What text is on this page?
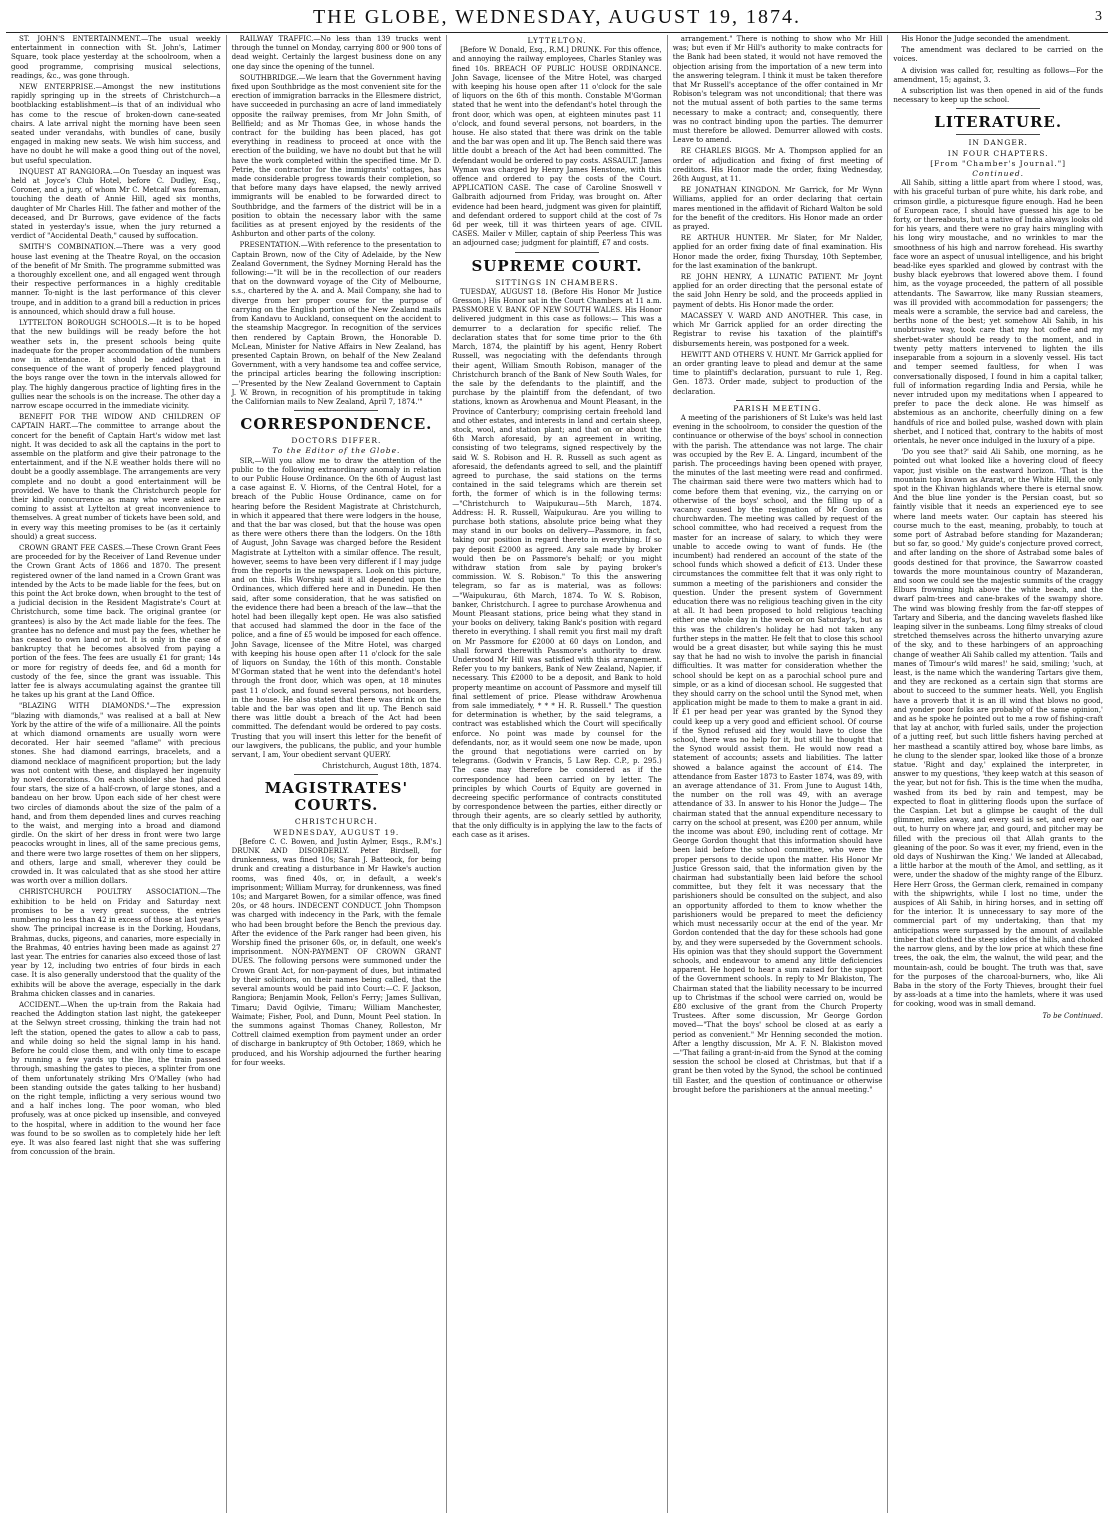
THE GLOBE, WEDNESDAY, AUGUST 19, 1874.	3

ST. JOHN'S ENTERTAINMENT.—The usual weekly entertainment in connection with St. John's, Latimer Square, took place yesterday at the schoolroom, when a good programme, comprising musical selections, readings, &c., was gone through.

NEW ENTERPRISE.—Amongst the new institutions rapidly springing up in the streets of Christchurch—a bootblacking establishment—is that of an individual who has come to the rescue of broken-down cane-seated chairs. A late arrival night the morning have been seen seated under verandahs, with bundles of cane, busily engaged in making new seats. We wish him success, and have no doubt he will make a good thing out of the novel, but useful speculation.

INQUEST AT RANGIORA.—On Tuesday an inquest was held at Joyce's Club Hotel, before C. Dudley, Esq., Coroner, and a jury, of whom Mr C. Metcalf was foreman, touching the death of Annie Hill, aged six months, daughter of Mr Charles Hill. The father and mother of the deceased, and Dr Burrows, gave evidence of the facts stated in yesterday's issue, when the jury returned a verdict of "Accidental Death," caused by suffocation.

SMITH'S COMBINATION.—There was a very good house last evening at the Theatre Royal, on the occasion of the benefit of Mr Smith. The programme submitted was a thoroughly excellent one, and all engaged went through their respective performances in a highly creditable manner. To-night is the last performance of this clever troupe, and in addition to a grand bill a reduction in prices is announced, which should draw a full house.

LYTTELTON BOROUGH SCHOOLS.—It is to be hoped that the new buildings will be ready before the hot weather sets in, the present schools being quite inadequate for the proper accommodation of the numbers now in attendance. It should be added that in consequence of the want of properly fenced playground the boys range over the town in the intervals allowed for play. The highly dangerous practice of lighting fires in the gullies near the schools is on the increase. The other day a narrow escape occurred in the immediate vicinity.

BENEFIT FOR THE WIDOW AND CHILDREN OF CAPTAIN HART.—The committee to arrange about the concert for the benefit of Captain Hart's widow met last night. It was decided to ask all the captains in the port to assemble on the platform and give their patronage to the entertainment, and if the N.E weather holds there will no doubt be a goodly assemblage. The arrangements are very complete and no doubt a good entertainment will be provided. We have to thank the Christchurch people for their kindly concurrence as many who were asked are coming to assist at Lyttelton at great inconvenience to themselves. A great number of tickets have been sold, and in every way this meeting promises to be (as it certainly should) a great success.

CROWN GRANT FEE CASES.—These Crown Grant Fees are proceeded for by the Receiver of Land Revenue under the Crown Grant Acts of 1866 and 1870. The present registered owner of the land named in a Crown Grant was intended by the Acts to be made liable for the fees, but on this point the Act broke down, when brought to the test of a judicial decision in the Resident Magistrate's Court at Christchurch, some time back. The original grantee (or grantees) is also by the Act made liable for the fees. The grantee has no defence and must pay the fees, whether he has ceased to own land or not. It is only in the case of bankruptcy that he becomes absolved from paying a portion of the fees. The fees are usually £1 for grant; 14s or more for registry of deeds fee, and 6d a month for custody of the fee, since the grant was issuable. This latter fee is always accumulating against the grantee till he takes up his grant at the Land Office.

"BLAZING WITH DIAMONDS."—The expression "blazing with diamonds," was realised at a ball at New York by the attire of the wife of a millionaire. All the points at which diamond ornaments are usually worn were decorated. Her hair seemed "aflame" with precious stones. She had diamond earrings, bracelets, and a diamond necklace of magnificent proportion; but the lady was not content with these, and displayed her ingenuity by novel decorations. On each shoulder she had placed four stars, the size of a half-crown, of large stones, and a bandeau on her brow. Upon each side of her chest were two circles of diamonds about the size of the palm of a hand, and from them depended lines and curves reaching to the waist, and merging into a broad and diamond girdle. On the skirt of her dress in front were two large peacocks wrought in lines, all of the same precious gems, and there were two large rosettes of them on her slippers, and others, large and small, wherever they could be crowded in. It was calculated that as she stood her attire was worth over a million dollars.

CHRISTCHURCH POULTRY ASSOCIATION.—The exhibition to be held on Friday and Saturday next promises to be a very great success, the entries numbering no less than 42 in excess of those at last year's show. The principal increase is in the Dorking, Houdans, Brahmas, ducks, pigeons, and canaries, more especially in the Brahmas, 40 entries having been made as against 27 last year. The entries for canaries also exceed those of last year by 12, including two entries of four birds in each case. It is also generally understood that the quality of the exhibits will be above the average, especially in the dark Brahma chicken classes and in canaries.

ACCIDENT.—When the up-train from the Rakaia had reached the Addington station last night, the gatekeeper at the Selwyn street crossing, thinking the train had not left the station, opened the gates to allow a cab to pass, and while doing so held the signal lamp in his hand. Before he could close them, and with only time to escape by running a few yards up the line, the train passed through, smashing the gates to pieces, a splinter from one of them unfortunately striking Mrs O'Malley (who had been standing outside the gates talking to her husband) on the right temple, inflicting a very serious wound two and a half inches long. The poor woman, who bled profusely, was at once picked up insensible, and conveyed to the hospital, where in addition to the wound her face was found to be so swollen as to completely hide her left eye. It was also feared last night that she was suffering from concussion of the brain.

RAILWAY TRAFFIC.—No less than 139 trucks went through the tunnel on Monday, carrying 800 or 900 tons of dead weight. Certainly the largest business done on any one day since the opening of the tunnel.

SOUTHBRIDGE.—We learn that the Government having fixed upon Southbridge as the most convenient site for the erection of immigration barracks in the Ellesmere district, have succeeded in purchasing an acre of land immediately opposite the railway premises, from Mr John Smith, of Bellfield; and as Mr Thomas Gee, in whose hands the contract for the building has been placed, has got everything in readiness to proceed at once with the erection of the building, we have no doubt but that he will have the work completed within the specified time. Mr D. Petrie, the contractor for the immigrants' cottages, has made considerable progress towards their completion, so that before many days have elapsed, the newly arrived immigrants will be enabled to be forwarded direct to Southbridge, and the farmers of the district will be in a position to obtain the necessary labor with the same facilities as at present enjoyed by the residents of the Ashburton and other parts of the colony.

PRESENTATION.—With reference to the presentation to Captain Brown, now of the City of Adelaide, by the New Zealand Government, the Sydney Morning Herald has the following:—"It will be in the recollection of our readers that on the downward voyage of the City of Melbourne, s.s., chartered by the A. and A. Mail Company, she had to diverge from her proper course for the purpose of carrying on the English portion of the New Zealand mails from Kandavu to Auckland, consequent on the accident to the steamship Macgregor. In recognition of the services then rendered by Captain Brown, the Honorable D. McLean, Minister for Native Affairs in New Zealand, has presented Captain Brown, on behalf of the New Zealand Government, with a very handsome tea and coffee service, the principal articles bearing the following inscription:—'Presented by the New Zealand Government to Captain J. W. Brown, in recognition of his promptitude in taking the Californian mails to New Zealand, April 7, 1874.'"

CORRESPONDENCE.
DOCTORS DIFFER.
To the Editor of the Globe.

SIR,—Will you allow me to draw the attention of the public to the following extraordinary anomaly in relation to our Public House Ordinance. On the 6th of August last a case against E. V. Hiorns, of the Central Hotel, for a breach of the Public House Ordinance, came on for hearing before the Resident Magistrate at Christchurch, in which it appeared that there were lodgers in the house, and that the bar was closed, but that the house was open as there were others there than the lodgers. On the 18th of August, John Savage was charged before the Resident Magistrate at Lyttelton with a similar offence. The result, however, seems to have been very different if I may judge from the reports in the newspapers. Look on this picture, and on this. His Worship said it all depended upon the Ordinances, which differed here and in Dunedin. He then said, after some consideration, that he was satisfied on the evidence there had been a breach of the law—that the hotel had been illegally kept open. He was also satisfied that accused had slammed the door in the face of the police, and a fine of £5 would be imposed for each offence. John Savage, licensee of the Mitre Hotel, was charged with keeping his house open after 11 o'clock for the sale of liquors on Sunday, the 16th of this month. Constable M'Gorman stated that he went into the defendant's hotel through the front door, which was open, at 18 minutes past 11 o'clock, and found several persons, not boarders, in the house. He also stated that there was drink on the table and the bar was open and lit up. The Bench said there was little doubt a breach of the Act had been committed. The defendant would be ordered to pay costs. Trusting that you will insert this letter for the benefit of our lawgivers, the publicans, the public, and your humble servant, I am, Your obedient servant QUERY.

Christchurch, August 18th, 1874.
MAGISTRATES' COURTS.
CHRISTCHURCH.
WEDNESDAY, AUGUST 19.

[Before C. C. Bowen, and Justin Aylmer, Esqs., R.M's.] DRUNK AND DISORDERLY. Peter Birdsell, for drunkenness, was fined 10s; Sarah J. Batteock, for being drunk and creating a disturbance in Mr Hawke's auction rooms, was fined 40s, or, in default, a week's imprisonment; William Murray, for drunkenness, was fined 10s; and Margaret Bowen, for a similar offence, was fined 20s, or 48 hours. INDECENT CONDUCT. John Thompson was charged with indecency in the Park, with the female who had been brought before the Bench the previous day. After the evidence of the Park ranger had been given, his Worship fined the prisoner 60s, or, in default, one week's imprisonment. NON-PAYMENT OF CROWN GRANT DUES. The following persons were summoned under the Crown Grant Act, for non-payment of dues, but intimated by their solicitors, on their names being called, that the several amounts would be paid into Court:—C. F. Jackson, Rangiora; Benjamin Mook, Fellon's Ferry; James Sullivan, Timaru; David Ogilvie, Timaru; William Manchester, Waimate; Fisher, Pool, and Dunn, Mount Peel station. In the summons against Thomas Chaney, Rolleston, Mr Cottrell claimed exemption from payment under an order of discharge in bankruptcy of 9th October, 1869, which he produced, and his Worship adjourned the further hearing for four weeks.

LYTTELTON.

[Before W. Donald, Esq., R.M.] DRUNK. For this offence, and annoying the railway employees, Charles Stanley was fined 10s. BREACH OF PUBLIC HOUSE ORDINANCE. John Savage, licensee of the Mitre Hotel, was charged with keeping his house open after 11 o'clock for the sale of liquors on the 6th of this month. Constable M'Gorman stated that he went into the defendant's hotel through the front door, which was open, at eighteen minutes past 11 o'clock, and found several persons, not boarders, in the house. He also stated that there was drink on the table and the bar was open and lit up. The Bench said there was little doubt a breach of the Act had been committed. The defendant would be ordered to pay costs. ASSAULT. James Wyman was charged by Henry James Henstone, with this offence and ordered to pay the costs of the Court. APPLICATION CASE. The case of Caroline Snoswell v Galbraith adjourned from Friday, was brought on. After evidence had been heard, judgment was given for plaintiff, and defendant ordered to support child at the cost of 7s 6d per week, till it was thirteen years of age. CIVIL CASES. Mailer v Miller, captain of ship Peerless This was an adjourned case; judgment for plaintiff, £7 and costs.

SUPREME COURT.
SITTINGS IN CHAMBERS.

TUESDAY, AUGUST 18. (Before His Honor Mr Justice Gresson.) His Honor sat in the Court Chambers at 11 a.m. PASSMORE V. BANK OF NEW SOUTH WALES. His Honor delivered judgment in this case as follows:— This was a demurrer to a declaration for specific relief. The declaration states that for some time prior to the 6th March, 1874, the plaintiff by his agent, Henry Robert Russell, was negociating with the defendants through their agent, William Smouth Robison, manager of the Christchurch branch of the Bank of New South Wales, for the sale by the defendants to the plaintiff, and the purchase by the plaintiff from the defendant, of two stations, known as Arowhenua and Mount Pleasant, in the Province of Canterbury; comprising certain freehold land and other estates, and interests in land and certain sheep, stock, wool, and station plant; and that on or about the 6th March aforesaid, by an agreement in writing, consisting of two telegrams, signed respectively by the said W. S. Robison and H. R. Russell as such agent as aforesaid, the defendants agreed to sell, and the plaintiff agreed to purchase, the said stations on the terms contained in the said telegrams which are therein set forth, the former of which is in the following terms:—"Christchurch to Waipukurau—5th March, 1874. Address: H. R. Russell, Waipukurau. Are you willing to purchase both stations, absolute price being what they may stand in our books on delivery—Passmore, in fact, taking our position in regard thereto in everything. If so pay deposit £2000 as agreed. Any sale made by broker would then be on Passmore's behalf; or you might withdraw station from sale by paying broker's commission. W. S. Robison." To this the answering telegram, so far as is material, was as follows:—"Waipukurau, 6th March, 1874. To W. S. Robison, banker, Christchurch. I agree to purchase Arowhenua and Mount Pleasant stations, price being what they stand in your books on delivery, taking Bank's position with regard thereto in everything. I shall remit you first mail my draft on Mr Passmore for £2000 at 60 days on London, and shall forward therewith Passmore's authority to draw. Understood Mr Hill was satisfied with this arrangement. Refer you to my bankers, Bank of New Zealand, Napier, if necessary. This £2000 to be a deposit, and Bank to hold property meantime on account of Passmore and myself till final settlement of price. Please withdraw Arowhenua from sale immediately, * * * H. R. Russell." The question for determination is whether, by the said telegrams, a contract was established which the Court will specifically enforce. No point was made by counsel for the defendants, nor, as it would seem one now be made, upon the ground that negotiations were carried on by telegrams. (Godwin v Francis, 5 Law Rep. C.P., p. 295.) The case may therefore be considered as if the correspondence had been carried on by letter. The principles by which Courts of Equity are governed in decreeing specific performance of contracts constituted by correspondence between the parties, either directly or through their agents, are so clearly settled by authority, that the only difficulty is in applying the law to the facts of each case as it arises.

arrangement." There is nothing to show who Mr Hill was; but even if Mr Hill's authority to make contracts for the Bank had been stated, it would not have removed the objection arising from the importation of a new term into the answering telegram. I think it must be taken therefore that Mr Russell's acceptance of the offer contained in Mr Robison's telegram was not unconditional; that there was not the mutual assent of both parties to the same terms necessary to make a contract; and, consequently, there was no contract binding upon the parties. The demurrer must therefore be allowed. Demurrer allowed with costs. Leave to amend.

RE CHARLES BIGGS. Mr A. Thompson applied for an order of adjudication and fixing of first meeting of creditors. His Honor made the order, fixing Wednesday, 26th August, at 11.

RE JONATHAN KINGDON. Mr Garrick, for Mr Wynn Williams, applied for an order declaring that certain mares mentioned in the affidavit of Richard Walton be sold for the benefit of the creditors. His Honor made an order as prayed.

RE ARTHUR HUNTER. Mr Slater, for Mr Nalder, applied for an order fixing date of final examination. His Honor made the order, fixing Thursday, 10th September, for the last examination of the bankrupt.

RE JOHN HENRY, A LUNATIC PATIENT. Mr Joynt applied for an order directing that the personal estate of the said John Henry be sold, and the proceeds applied in payment of debts. His Honor made the order.

MACASSEY V. WARD AND ANOTHER. This case, in which Mr Garrick applied for an order directing the Registrar to revise his taxation of the plaintiff's disbursements herein, was postponed for a week.

HEWITT AND OTHERS V. HUNT. Mr Garrick applied for an order granting leave to plead and demur at the same time to plaintiff's declaration, pursuant to rule 1, Reg. Gen. 1873. Order made, subject to production of the declaration.

PARISH MEETING.

A meeting of the parishioners of St Luke's was held last evening in the schoolroom, to consider the question of the continuance or otherwise of the boys' school in connection with the parish. The attendance was not large. The chair was occupied by the Rev E. A. Lingard, incumbent of the parish. The proceedings having been opened with prayer, the minutes of the last meeting were read and confirmed. The chairman said there were two matters which had to come before them that evening, viz., the carrying on or otherwise of the boys' school, and the filling up of a vacancy caused by the resignation of Mr Gordon as churchwarden. The meeting was called by request of the school committee, who had received a request from the master for an increase of salary, to which they were unable to accede owing to want of funds. He (the incumbent) had rendered an account of the state of the school funds which showed a deficit of £13. Under these circumstances the committee felt that it was only right to summon a meeting of the parishioners and consider the question. Under the present system of Government education there was no religious teaching given in the city at all. It had been proposed to hold religious teaching either one whole day in the week or on Saturday's, but as this was the children's holiday he had not taken any further steps in the matter. He felt that to close this school would be a great disaster, but while saying this he must say that he had no wish to involve the parish in financial difficulties. It was matter for consideration whether the school should be kept on as a parochial school pure and simple, or as a kind of diocesan school. He suggested that they should carry on the school until the Synod met, when application might be made to them to make a grant in aid. If £1 per head per year was granted by the Synod they could keep up a very good and efficient school. Of course if the Synod refused aid they would have to close the school, there was no help for it, but still he thought that the Synod would assist them. He would now read a statement of accounts; assets and liabilities. The latter showed a balance against the account of £14. The attendance from Easter 1873 to Easter 1874, was 89, with an average attendance of 31. From June to August 14th, the number on the roll was 49, with an average attendance of 33. In answer to his Honor the Judge— The chairman stated that the annual expenditure necessary to carry on the school at present, was £200 per annum, while the income was about £90, including rent of cottage. Mr George Gordon thought that this information should have been laid before the school committee, who were the proper persons to decide upon the matter. His Honor Mr Justice Gresson said, that the information given by the chairman had substantially been laid before the school committee, but they felt it was necessary that the parishioners should be consulted on the subject, and also an opportunity afforded to them to know whether the parishioners would be prepared to meet the deficiency which must necessarily occur at the end of the year. Mr Gordon contended that the day for these schools had gone by, and they were superseded by the Government schools. His opinion was that they should support the Government schools, and endeavour to amend any little deficiencies apparent. He hoped to hear a sum raised for the support of the Government schools. In reply to Mr Blakiston, The Chairman stated that the liability necessary to be incurred up to Christmas if the school were carried on, would be £80 exclusive of the grant from the Church Property Trustees. After some discussion, Mr George Gordon moved—"That the boys' school be closed at as early a period as convenient." Mr Henning seconded the motion. After a lengthy discussion, Mr A. F. N. Blakiston moved—"That failing a grant-in-aid from the Synod at the coming session the school be closed at Christmas, but that if a grant be then voted by the Synod, the school be continued till Easter, and the question of continuance or otherwise brought before the parishioners at the annual meeting."

His Honor the Judge seconded the amendment.

The amendment was declared to be carried on the voices.

A division was called for, resulting as follows—For the amendment, 15; against, 3.

A subscription list was then opened in aid of the funds necessary to keep up the school.

LITERATURE.
IN DANGER.
IN FOUR CHAPTERS.
[From "Chamber's Journal."]
Continued.

All Sahib, sitting a little apart from where I stood, was, with his graceful turban of pure white, his dark robe, and crimson girdle, a picturesque figure enough. Had he been of European race, I should have guessed his age to be forty, or thereabouts, but a native of India always looks old for his years, and there were no gray hairs mingling with his long wiry moustache, and no wrinkles to mar the smoothness of his high and narrow forehead. His swarthy face wore an aspect of unusual intelligence, and his bright bead-like eyes sparkled and glowed by contrast with the bushy black eyebrows that lowered above them. I found him, as the voyage proceeded, the pattern of all possible attendants. The Sawarrow, like many Russian steamers, was ill provided with accommodation for passengers; the meals were a scramble, the service bad and careless, the berths none of the best; yet somehow Ali Sahib, in his unobtrusive way, took care that my hot coffee and my sherbet-water should be ready to the moment, and in twenty petty matters intervened to lighten the ills inseparable from a sojourn in a slovenly vessel. His tact and temper seemed faultless, for when I was conversationally disposed, I found in him a capital talker, full of information regarding India and Persia, while he never intruded upon my meditations when I appeared to prefer to pace the deck alone. He was himself as abstemious as an anchorite, cheerfully dining on a few handfuls of rice and boiled pulse, washed down with plain sherbet, and I noticed that, contrary to the habits of most orientals, he never once indulged in the luxury of a pipe.

'Do you see that?' said Ali Sahib, one morning, as he pointed out what looked like a hovering cloud of fleecy vapor, just visible on the eastward horizon. 'That is the mountain top known as Ararat, or the White Hill, the only spot in the Khivan highlands where there is eternal snow. And the blue line yonder is the Persian coast, but so faintly visible that it needs an experienced eye to see where land meets water. Our captain has steered his course much to the east, meaning, probably, to touch at some port of Astrabad before standing for Mazanderan; but so far, so good.' My guide's conjecture proved correct, and after landing on the shore of Astrabad some bales of goods destined for that province, the Sawarrow coasted towards the more mountainous country of Mazanderan, and soon we could see the majestic summits of the craggy Elburs frowning high above the white beach, and the dwarf palm-trees and cane-brakes of the swampy shore. The wind was blowing freshly from the far-off steppes of Tartary and Siberia, and the dancing wavelets flashed like leaping silver in the sunbeams. Long filmy streaks of cloud stretched themselves across the hitherto unvarying azure of the sky, and to these harbingers of an approaching change of weather Ali Sahib called my attention. 'Tails and manes of Timour's wild mares!' he said, smiling; 'such, at least, is the name which the wandering Tartars give them, and they are reckoned as a certain sign that storms are about to succeed to the summer heats. Well, you English have a proverb that it is an ill wind that blows no good, and yonder poor folks are probably of the same opinion,' and as he spoke he pointed out to me a row of fishing-craft that lay at anchor, with furled sails, under the projection of a jutting reef, but such little fishers having perched at her masthead a scantily attired boy, whose bare limbs, as he clung to the slender spar, looked like those of a bronze statue. 'Right and day,' explained the interpreter, in answer to my questions, 'they keep watch at this season of the year, but not for fish. This is the time when the mudha, washed from its bed by rain and tempest, may be expected to float in glittering floods upon the surface of the Caspian. Let but a glimpse be caught of the dull glimmer, miles away, and every sail is set, and every oar out, to hurry on where jar, and gourd, and pitcher may be filled with the precious oil that Allah grants to the gleaning of the poor. So was it ever, my friend, even in the old days of Nushirwan the King.' We landed at Allecabad, a little harbor at the mouth of the Amol, and settling, as it were, under the shadow of the mighty range of the Elburz. Here Herr Gross, the German clerk, remained in company with the shipwrights, while I lost no time, under the auspices of Ali Sahib, in hiring horses, and in setting off for the interior. It is unnecessary to say more of the commercial part of my undertaking, than that my anticipations were surpassed by the amount of available timber that clothed the steep sides of the hills, and choked the narrow glens, and by the low price at which these fine trees, the oak, the elm, the walnut, the wild pear, and the mountain-ash, could be bought. The truth was that, save for the purposes of the charcoal-burners, who, like Ali Baba in the story of the Forty Thieves, brought their fuel by ass-loads at a time into the hamlets, where it was used for cooking, wood was in small demand.

To be Continued.
